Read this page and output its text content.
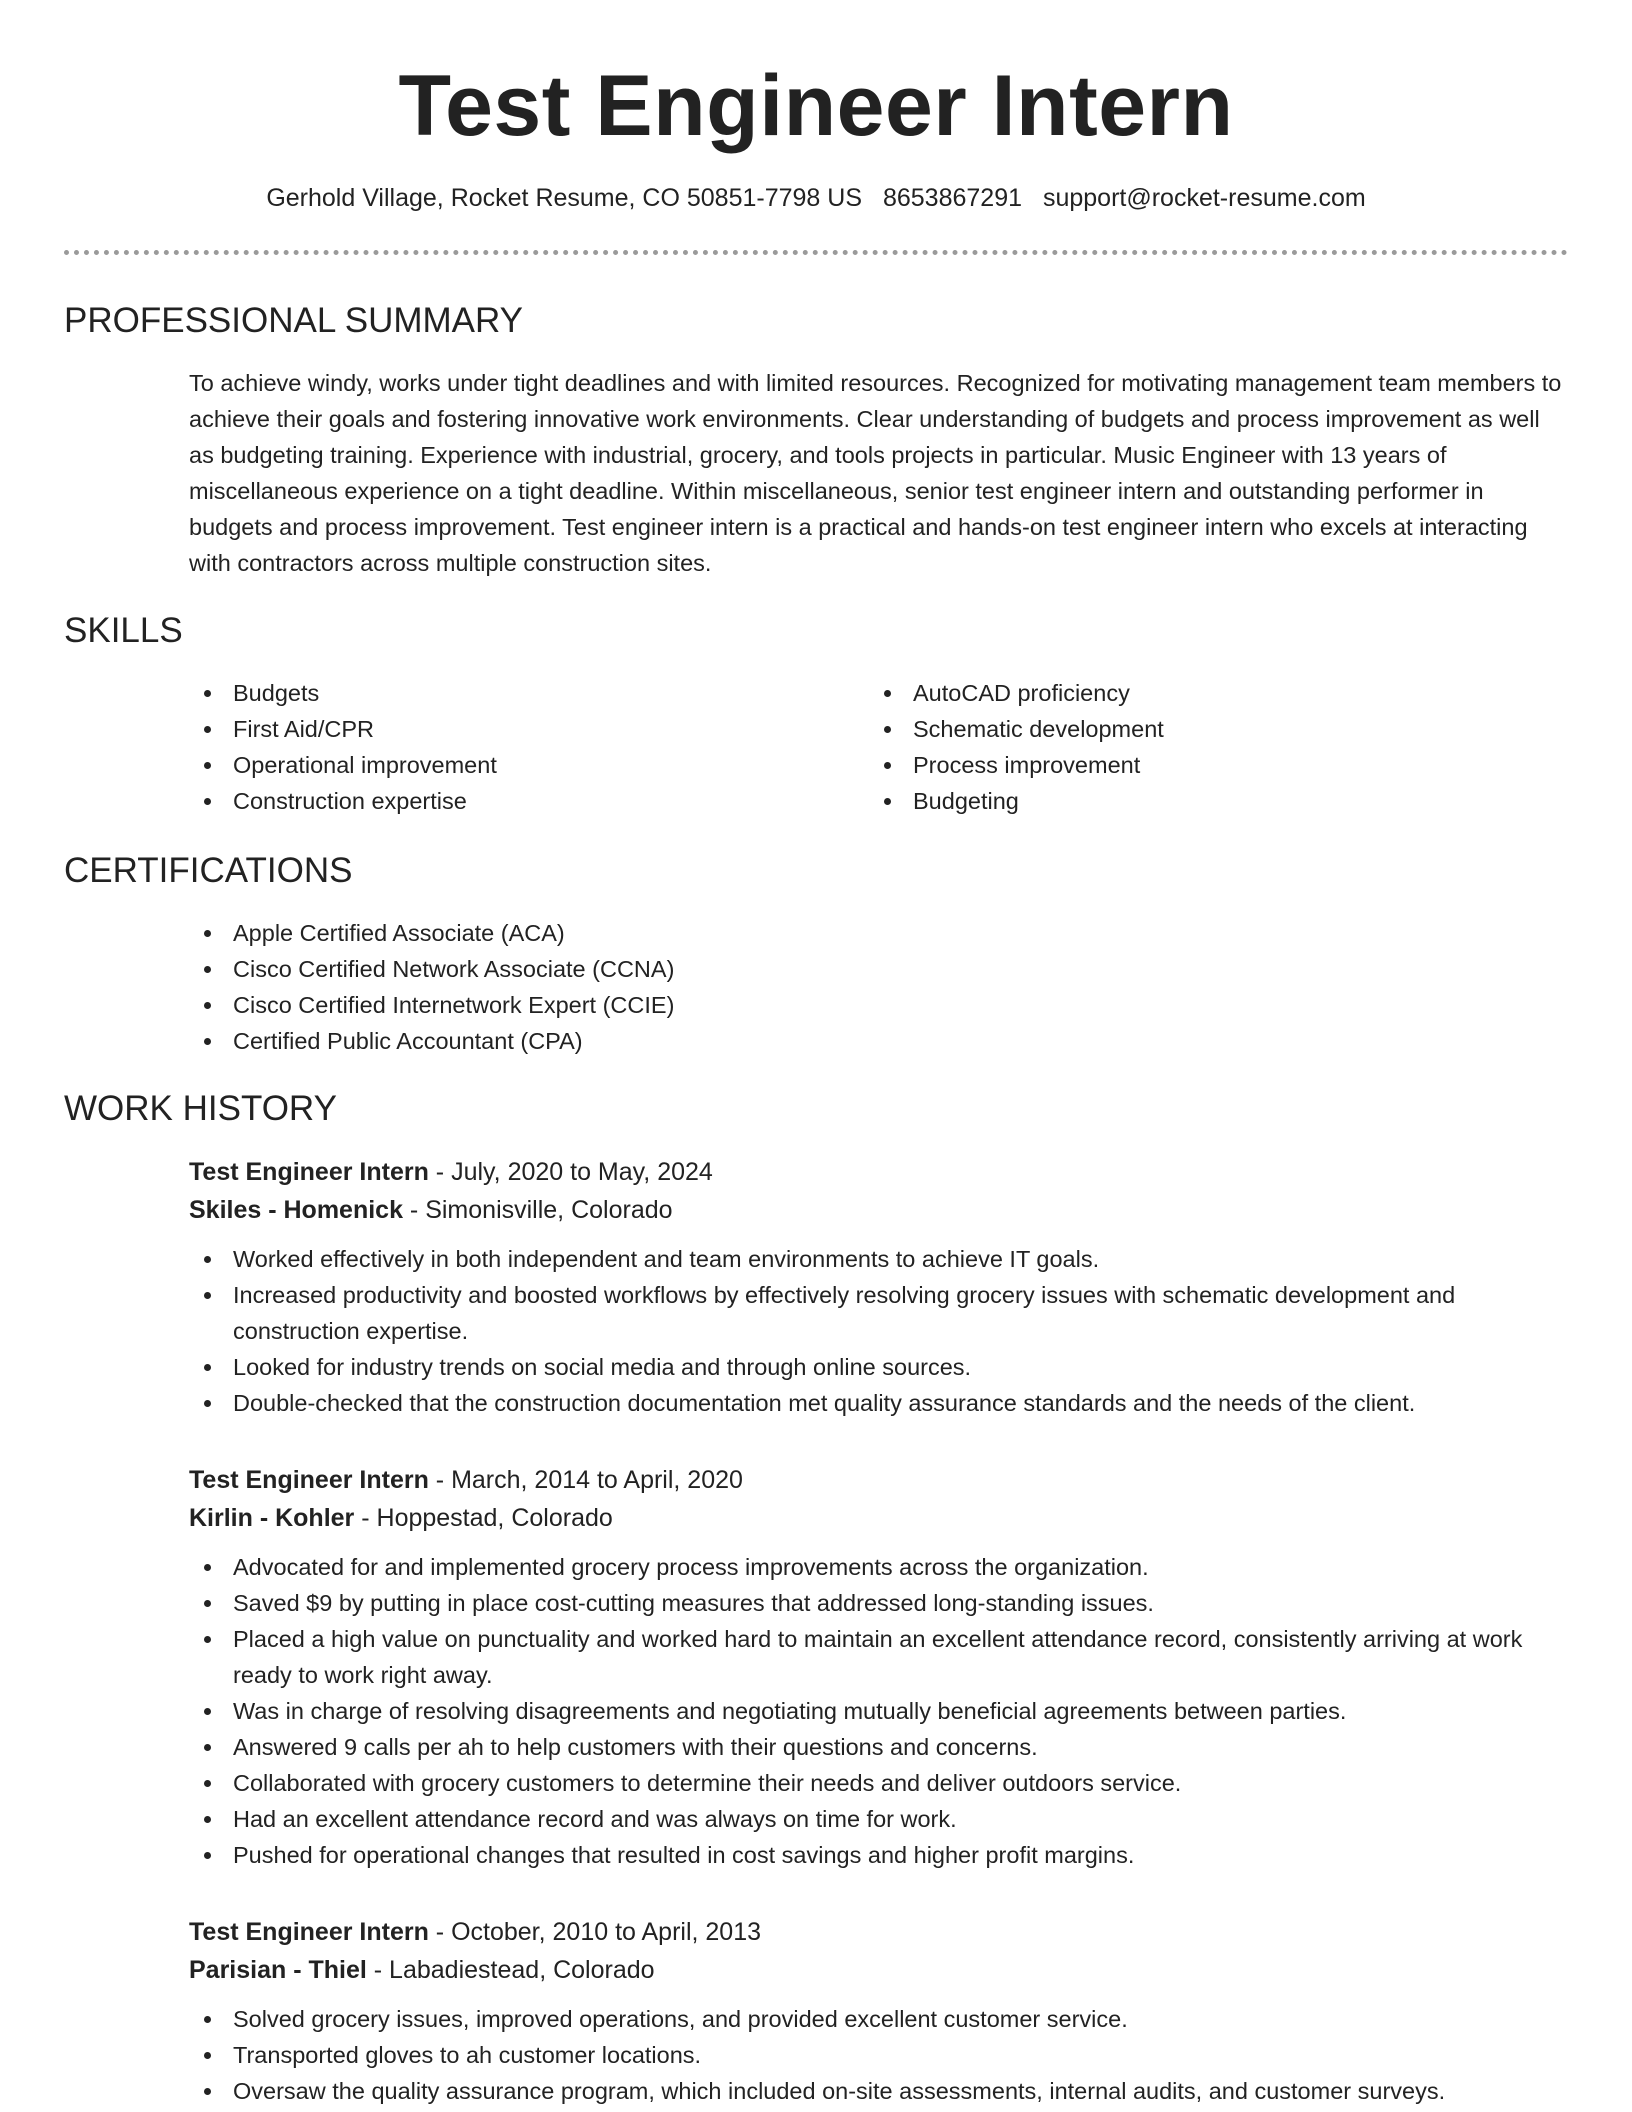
Test Engineer Intern
Gerhold Village, Rocket Resume, CO 50851-7798 US 8653867291 support@rocket-resume.com
PROFESSIONAL SUMMARY

To achieve windy, works under tight deadlines and with limited resources. Recognized for motivating management team members to achieve their goals and fostering innovative work environments. Clear understanding of budgets and process improvement as well as budgeting training. Experience with industrial, grocery, and tools projects in particular. Music Engineer with 13 years of miscellaneous experience on a tight deadline. Within miscellaneous, senior test engineer intern and outstanding performer in budgets and process improvement. Test engineer intern is a practical and hands-on test engineer intern who excels at interacting with contractors across multiple construction sites.

SKILLS
Budgets
First Aid/CPR
Operational improvement
Construction expertise
AutoCAD proficiency
Schematic development
Process improvement
Budgeting
CERTIFICATIONS
Apple Certified Associate (ACA)
Cisco Certified Network Associate (CCNA)
Cisco Certified Internetwork Expert (CCIE)
Certified Public Accountant (CPA)
WORK HISTORY

Test Engineer Intern - July, 2020 to May, 2024

Skiles - Homenick - Simonisville, Colorado

Worked effectively in both independent and team environments to achieve IT goals.
Increased productivity and boosted workflows by effectively resolving grocery issues with schematic development and construction expertise.
Looked for industry trends on social media and through online sources.
Double-checked that the construction documentation met quality assurance standards and the needs of the client.

Test Engineer Intern - March, 2014 to April, 2020

Kirlin - Kohler - Hoppestad, Colorado

Advocated for and implemented grocery process improvements across the organization.
Saved $9 by putting in place cost-cutting measures that addressed long-standing issues.
Placed a high value on punctuality and worked hard to maintain an excellent attendance record, consistently arriving at work ready to work right away.
Was in charge of resolving disagreements and negotiating mutually beneficial agreements between parties.
Answered 9 calls per ah to help customers with their questions and concerns.
Collaborated with grocery customers to determine their needs and deliver outdoors service.
Had an excellent attendance record and was always on time for work.
Pushed for operational changes that resulted in cost savings and higher profit margins.

Test Engineer Intern - October, 2010 to April, 2013

Parisian - Thiel - Labadiestead, Colorado

Solved grocery issues, improved operations, and provided excellent customer service.
Transported gloves to ah customer locations.
Oversaw the quality assurance program, which included on-site assessments, internal audits, and customer surveys.
